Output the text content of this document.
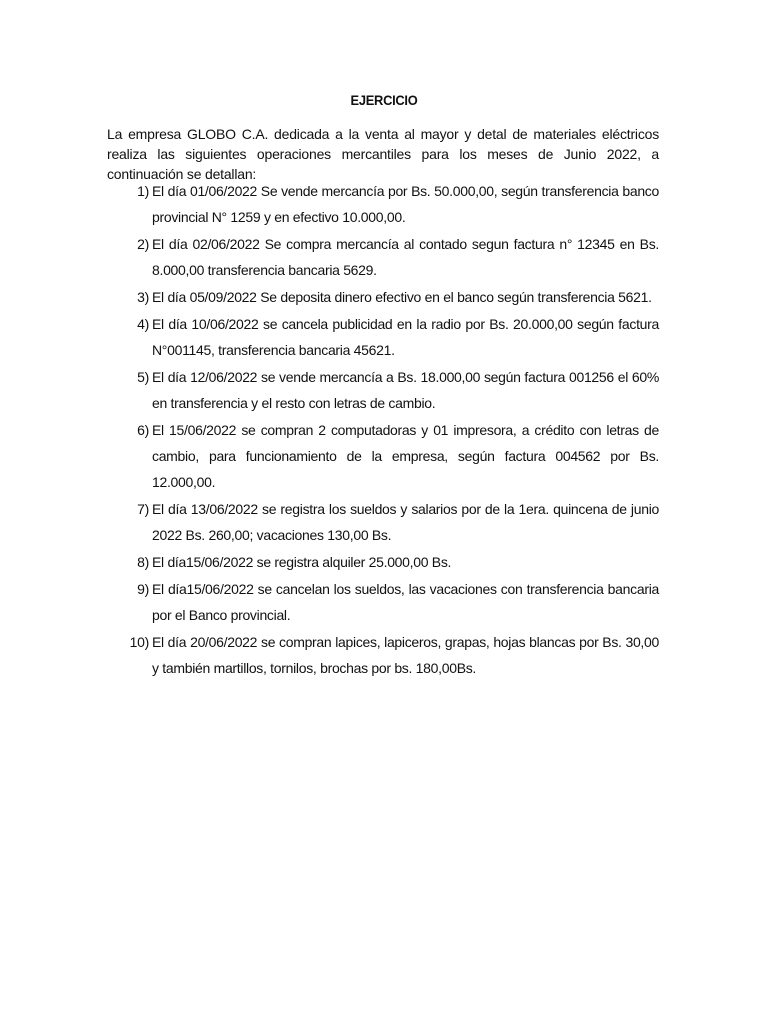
EJERCICIO
La empresa GLOBO C.A. dedicada a la venta al mayor y detal de materiales eléctricos realiza las siguientes operaciones mercantiles para los meses de Junio 2022, a continuación se detallan:
1) El día 01/06/2022 Se vende mercancía por Bs. 50.000,00, según transferencia banco provincial N° 1259 y en efectivo 10.000,00.
2) El día 02/06/2022 Se compra mercancía al contado segun factura n° 12345 en Bs. 8.000,00 transferencia bancaria 5629.
3) El día 05/09/2022 Se deposita dinero efectivo en el banco según transferencia 5621.
4) El día 10/06/2022 se cancela publicidad en la radio por Bs. 20.000,00 según factura N°001145, transferencia bancaria 45621.
5) El día 12/06/2022 se vende mercancía a Bs. 18.000,00 según factura 001256 el 60% en transferencia y el resto con letras de cambio.
6) El 15/06/2022 se compran 2 computadoras y 01 impresora, a crédito con letras de cambio, para funcionamiento de la empresa, según factura 004562 por Bs. 12.000,00.
7) El día 13/06/2022 se registra los sueldos y salarios por de la 1era. quincena de junio 2022 Bs. 260,00; vacaciones 130,00 Bs.
8) El día15/06/2022 se registra alquiler 25.000,00 Bs.
9) El día15/06/2022 se cancelan los sueldos, las vacaciones con transferencia bancaria por el Banco provincial.
10) El día 20/06/2022 se compran lapices, lapiceros, grapas, hojas blancas por Bs. 30,00 y también martillos, tornilos, brochas por bs. 180,00Bs.
